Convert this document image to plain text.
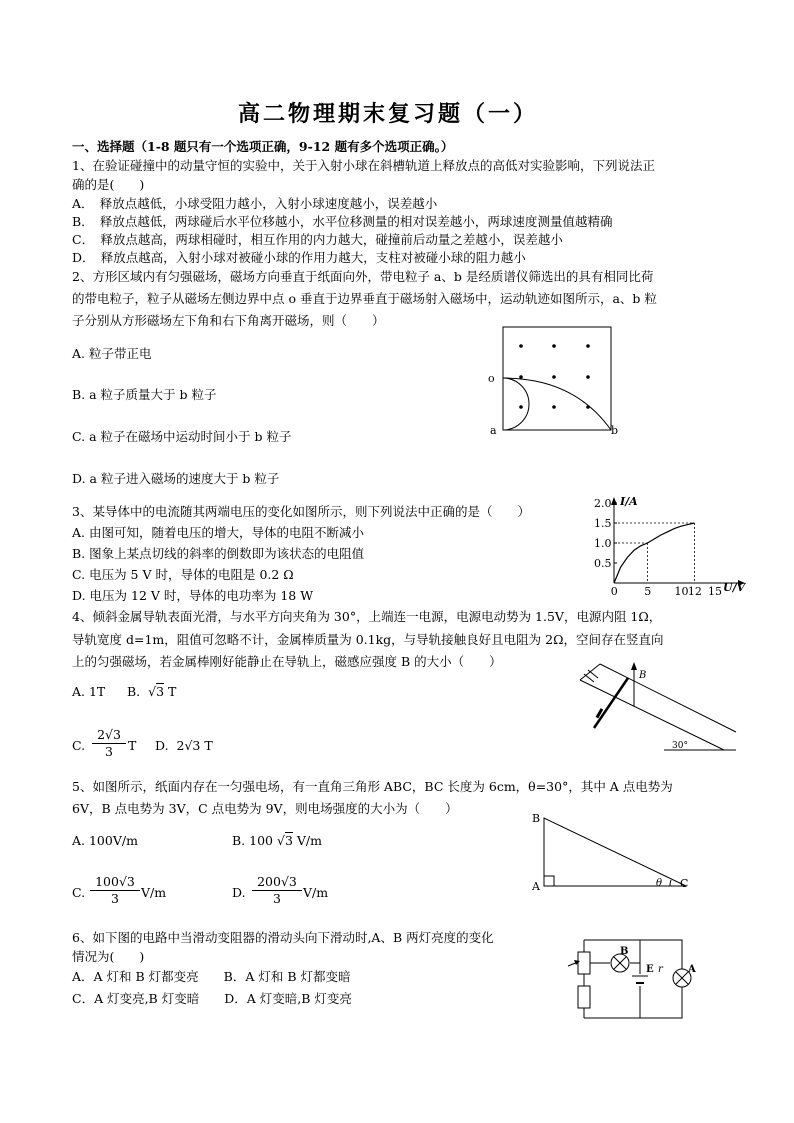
高二物理期末复习题（一）
一、选择题（1-8 题只有一个选项正确，9-12 题有多个选项正确。）
1、在验证碰撞中的动量守恒的实验中，关于入射小球在斜槽轨道上释放点的高低对实验影响，下列说法正
确的是(　　)
A．　释放点越低，小球受阻力越小，入射小球速度越小，误差越小
B．　释放点越低，两球碰后水平位移越小，水平位移测量的相对误差越小，两球速度测量值越精确
C．　释放点越高，两球相碰时，相互作用的内力越大，碰撞前后动量之差越小，误差越小
D．　释放点越高，入射小球对被碰小球的作用力越大，支柱对被碰小球的阻力越小
2、方形区域内有匀强磁场，磁场方向垂直于纸面向外，带电粒子 a、b 是经质谱仪筛选出的具有相同比荷
的带电粒子，粒子从磁场左侧边界中点 o 垂直于边界垂直于磁场射入磁场中，运动轨迹如图所示，a、b 粒
子分别从方形磁场左下角和右下角离开磁场，则（　　）
A. 粒子带正电
B. a 粒子质量大于 b 粒子
C. a 粒子在磁场中运动时间小于 b 粒子
D. a 粒子进入磁场的速度大于 b 粒子
o
a	b
3、某导体中的电流随其两端电压的变化如图所示，则下列说法中正确的是（　　）
A. 由图可知，随着电压的增大，导体的电阻不断减小
B. 图象上某点切线的斜率的倒数即为该状态的电阻值
C. 电压为 5 V 时，导体的电阻是 0.2 Ω
D. 电压为 12 V 时，导体的电功率为 18 W
I/A
U/V
0.5
1.0
1.5
2.0
0 5 10 12 15
4、倾斜金属导轨表面光滑，与水平方向夹角为 30°，上端连一电源，电源电动势为 1.5V，电源内阻 1Ω，
导轨宽度 d=1m，阻值可忽略不计，金属棒质量为 0.1kg，与导轨接触良好且电阻为 2Ω，空间存在竖直向
上的匀强磁场，若金属棒刚好能静止在导轨上，磁感应强度 B 的大小（　　）
A. 1T B. √3 T
C. $\frac{2√3}{3}$ T D. 2√3 T
B
30°
5、如图所示，纸面内存在一匀强电场，有一直角三角形 ABC，BC 长度为 6cm，θ=30°，其中 A 点电势为
6V，B 点电势为 3V，C 点电势为 9V，则电场强度的大小为（　　）
A. 100V/m	B. 100 √3 V/m
C. $\frac{100√3}{3} V/m$	D. $\frac{200√3}{3} V/m$
B
A	C
θ
6、如下图的电路中当滑动变阻器的滑动头向下滑动时,A、B 两灯亮度的变化
情况为(　　)
A．A 灯和 B 灯都变亮　　B．A 灯和 B 灯都变暗
C．A 灯变亮,B 灯变暗　　D．A 灯变暗,B 灯变亮
B
E r	A
